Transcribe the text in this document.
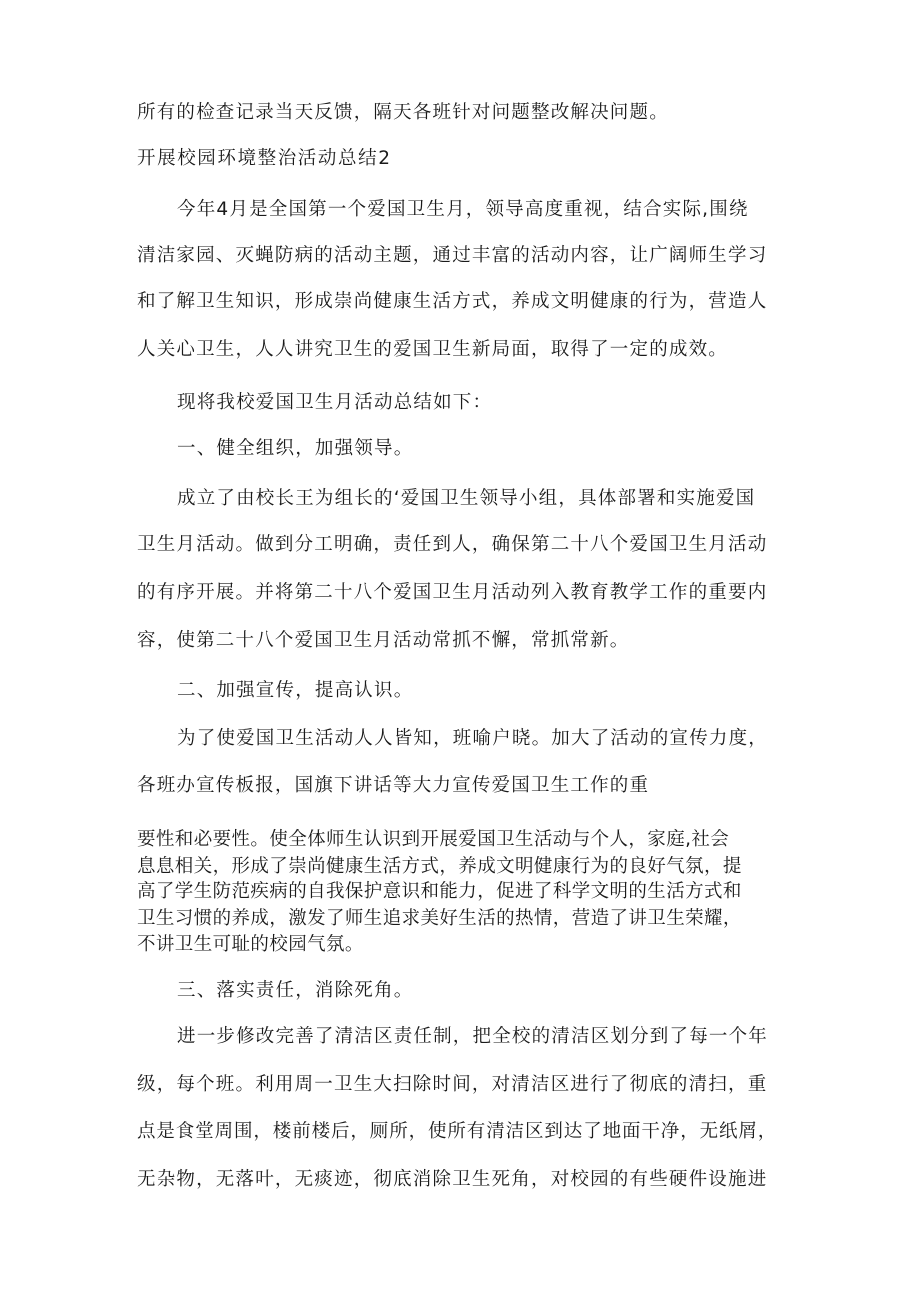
所有的检查记录当天反馈，隔天各班针对问题整改解决问题。

开展校园环境整治活动总结2

今年4月是全国第一个爱国卫生月，领导高度重视，结合实际,围绕

清洁家园、灭蝇防病的活动主题，通过丰富的活动内容，让广阔师生学习

和了解卫生知识，形成崇尚健康生活方式，养成文明健康的行为，营造人

人关心卫生，人人讲究卫生的爱国卫生新局面，取得了一定的成效。

现将我校爱国卫生月活动总结如下：

一、健全组织，加强领导。

成立了由校长王为组长的‘爱国卫生领导小组，具体部署和实施爱国

卫生月活动。做到分工明确，责任到人，确保第二十八个爱国卫生月活动

的有序开展。并将第二十八个爱国卫生月活动列入教育教学工作的重要内

容，使第二十八个爱国卫生月活动常抓不懈，常抓常新。

二、加强宣传，提高认识。

为了使爱国卫生活动人人皆知，班喻户晓。加大了活动的宣传力度，

各班办宣传板报，国旗下讲话等大力宣传爱国卫生工作的重

要性和必要性。使全体师生认识到开展爱国卫生活动与个人，家庭,社会

息息相关，形成了崇尚健康生活方式，养成文明健康行为的良好气氛，提

高了学生防范疾病的自我保护意识和能力，促进了科学文明的生活方式和

卫生习惯的养成，激发了师生追求美好生活的热情，营造了讲卫生荣耀，

不讲卫生可耻的校园气氛。

三、落实责任，消除死角。

进一步修改完善了清洁区责任制，把全校的清洁区划分到了每一个年

级，每个班。利用周一卫生大扫除时间，对清洁区进行了彻底的清扫，重

点是食堂周围，楼前楼后，厕所，使所有清洁区到达了地面干净，无纸屑，

无杂物，无落叶，无痰迹，彻底消除卫生死角，对校园的有些硬件设施进
